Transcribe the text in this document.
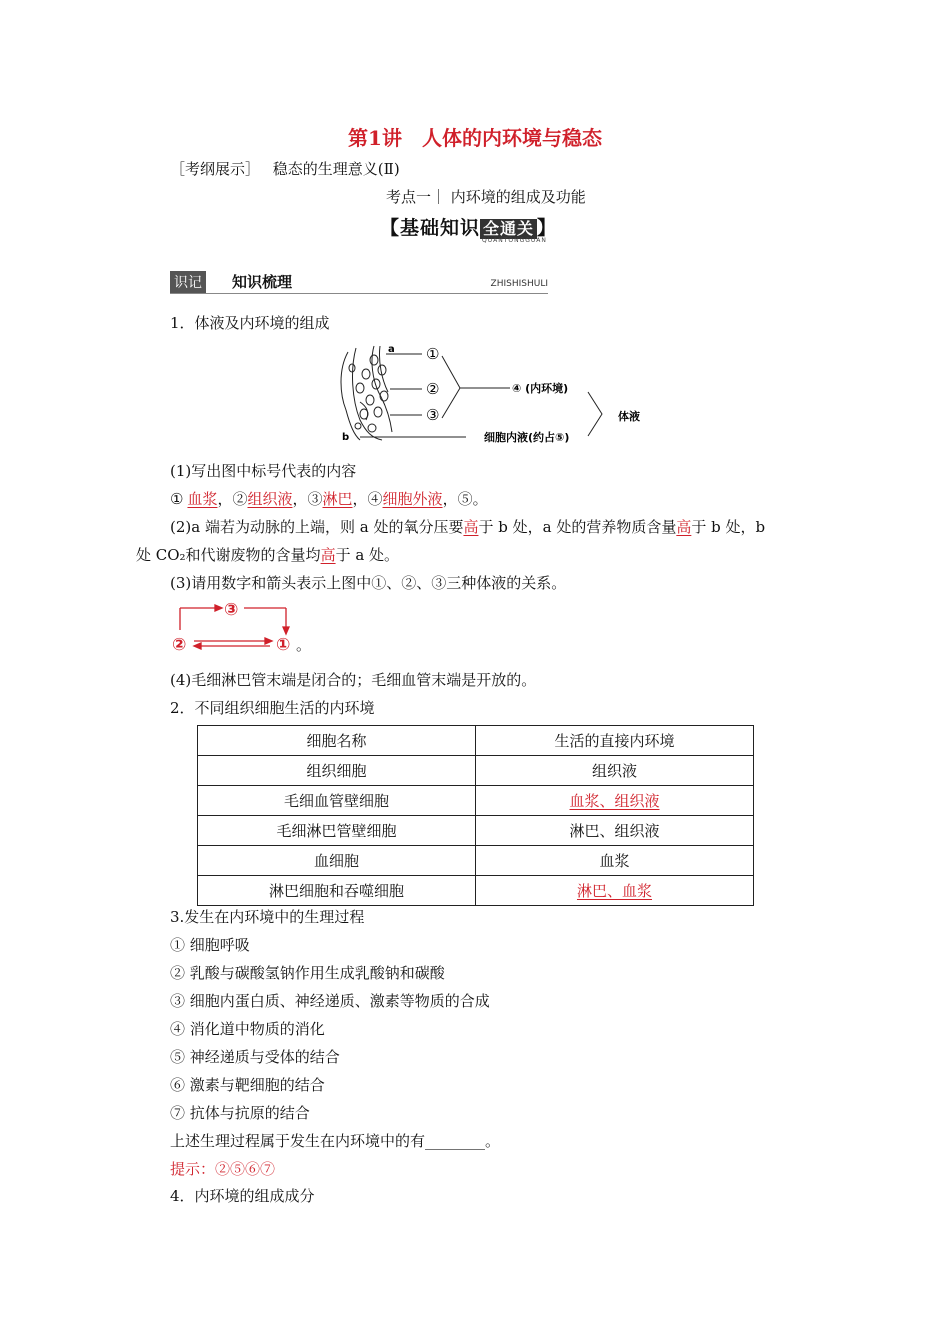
第1讲　人体的内环境与稳态
［考纲展示］ 稳态的生理意义(Ⅱ)
考点一｜ 内环境的组成及功能
【基础知识 全通关
QUANTONGGUAN
】
识记 知识梳理	ZHISHISHULI
1．体液及内环境的组成
a
b
①
②
③
④ (内环境)
细胞内液(约占⑤)
体液
(1)写出图中标号代表的内容
① 血浆，②组织液，③淋巴，④细胞外液，⑤。
(2)a 端若为动脉的上端，则 a 处的氧分压要高于 b 处，a 处的营养物质含量高于 b 处，b
处 CO₂和代谢废物的含量均高于 a 处。
(3)请用数字和箭头表示上图中①、②、③三种体液的关系。
③
②	① 。
(4)毛细淋巴管末端是闭合的；毛细血管末端是开放的。
2．不同组织细胞生活的内环境
细胞名称	生活的直接内环境
组织细胞	组织液
毛细血管壁细胞	血浆、组织液
毛细淋巴管壁细胞	淋巴、组织液
血细胞	血浆
淋巴细胞和吞噬细胞	淋巴、血浆
3.发生在内环境中的生理过程
① 细胞呼吸
② 乳酸与碳酸氢钠作用生成乳酸钠和碳酸
③ 细胞内蛋白质、神经递质、激素等物质的合成
④ 消化道中物质的消化
⑤ 神经递质与受体的结合
⑥ 激素与靶细胞的结合
⑦ 抗体与抗原的结合
上述生理过程属于发生在内环境中的有________。
提示：②⑤⑥⑦
4．内环境的组成成分
